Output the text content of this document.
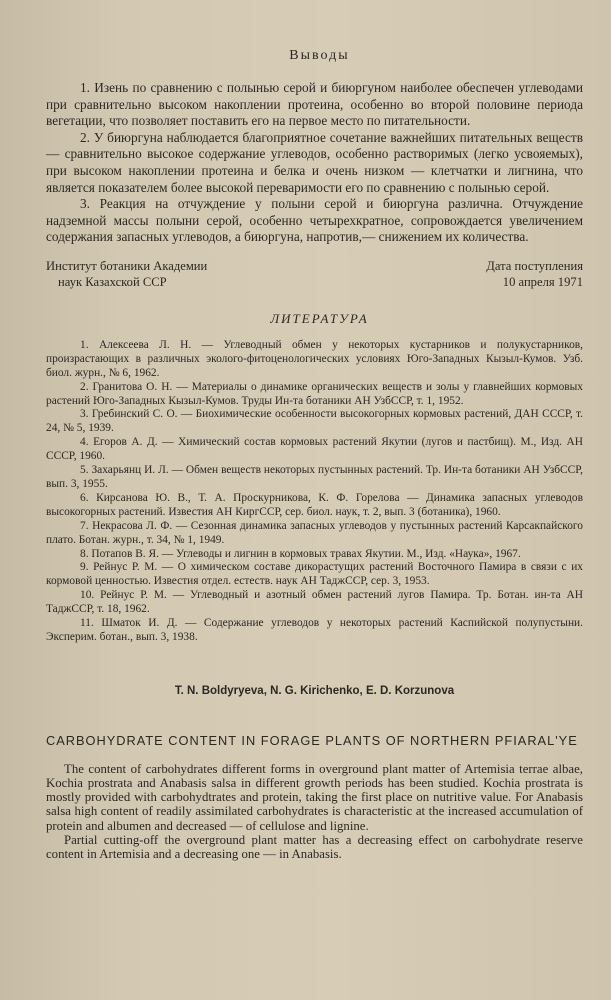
Выводы

1. Изень по сравнению с полынью серой и биюргуном наиболее обеспечен углеводами при сравнительно высоком накоплении протеина, особенно во второй половине периода вегетации, что позволяет поставить его на первое место по питательности.

2. У биюргуна наблюдается благоприятное сочетание важнейших питательных веществ — сравнительно высокое содержание углеводов, особенно растворимых (легко усвояемых), при высоком накоплении протеина и белка и очень низком — клетчатки и лигнина, что является показателем более высокой переваримости его по сравнению с полынью серой.

3. Реакция на отчуждение у полыни серой и биюргуна различна. Отчуждение надземной массы полыни серой, особенно четырехкратное, сопровождается увеличением содержания запасных углеводов, а биюргуна, напротив,— снижением их количества.

Институт ботаники Академии
наук Казахской ССР
Дата поступления
10 апреля 1971
ЛИТЕРАТУРА

1. Алексеева Л. Н. — Углеводный обмен у некоторых кустарников и полукустарников, произрастающих в различных эколого-фитоценологических условиях Юго-Западных Кызыл-Кумов. Узб. биол. журн., № 6, 1962.

2. Гранитова О. Н. — Материалы о динамике органических веществ и золы у главнейших кормовых растений Юго-Западных Кызыл-Кумов. Труды Ин-та ботаники АН УзбССР, т. 1, 1952.

3. Гребинский С. О. — Биохимические особенности высокогорных кормовых растений, ДАН СССР, т. 24, № 5, 1939.

4. Егоров А. Д. — Химический состав кормовых растений Якутии (лугов и пастбищ). М., Изд. АН СССР, 1960.

5. Захарьянц И. Л. — Обмен веществ некоторых пустынных растений. Тр. Ин-та ботаники АН УзбССР, вып. 3, 1955.

6. Кирсанова Ю. В., Т. А. Проскурникова, К. Ф. Горелова — Динамика запасных углеводов высокогорных растений. Известия АН КиргССР, сер. биол. наук, т. 2, вып. 3 (ботаника), 1960.

7. Некрасова Л. Ф. — Сезонная динамика запасных углеводов у пустынных растений Карсакпайского плато. Ботан. журн., т. 34, № 1, 1949.

8. Потапов В. Я. — Углеводы и лигнин в кормовых травах Якутии. М., Изд. «Наука», 1967.

9. Рейнус Р. М. — О химическом составе дикорастущих растений Восточного Памира в связи с их кормовой ценностью. Известия отдел. естеств. наук АН ТаджССР, сер. 3, 1953.

10. Рейнус Р. М. — Углеводный и азотный обмен растений лугов Памира. Тр. Ботан. ин-та АН ТаджССР, т. 18, 1962.

11. Шматок И. Д. — Содержание углеводов у некоторых растений Каспийской полупустыни. Эксперим. ботан., вып. 3, 1938.

T. N. Boldyryeva, N. G. Kirichenko, E. D. Korzunova
CARBOHYDRATE CONTENT IN FORAGE PLANTS OF NORTHERN PFIARAL'YE

The content of carbohydrates different forms in overground plant matter of Artemisia terrae albae, Kochia prostrata and Anabasis salsa in different growth periods has been studied. Kochia prostrata is mostly provided with carbohydtrates and protein, taking the first place on nutritive value. For Anabasis salsa high content of readily assimilated carbohydrates is characteristic at the increased accumulation of protein and albumen and decreased — of cellulose and lignine.

Partial cutting-off the overground plant matter has a decreasing effect on carbohydrate reserve content in Artemisia and a decreasing one — in Anabasis.
